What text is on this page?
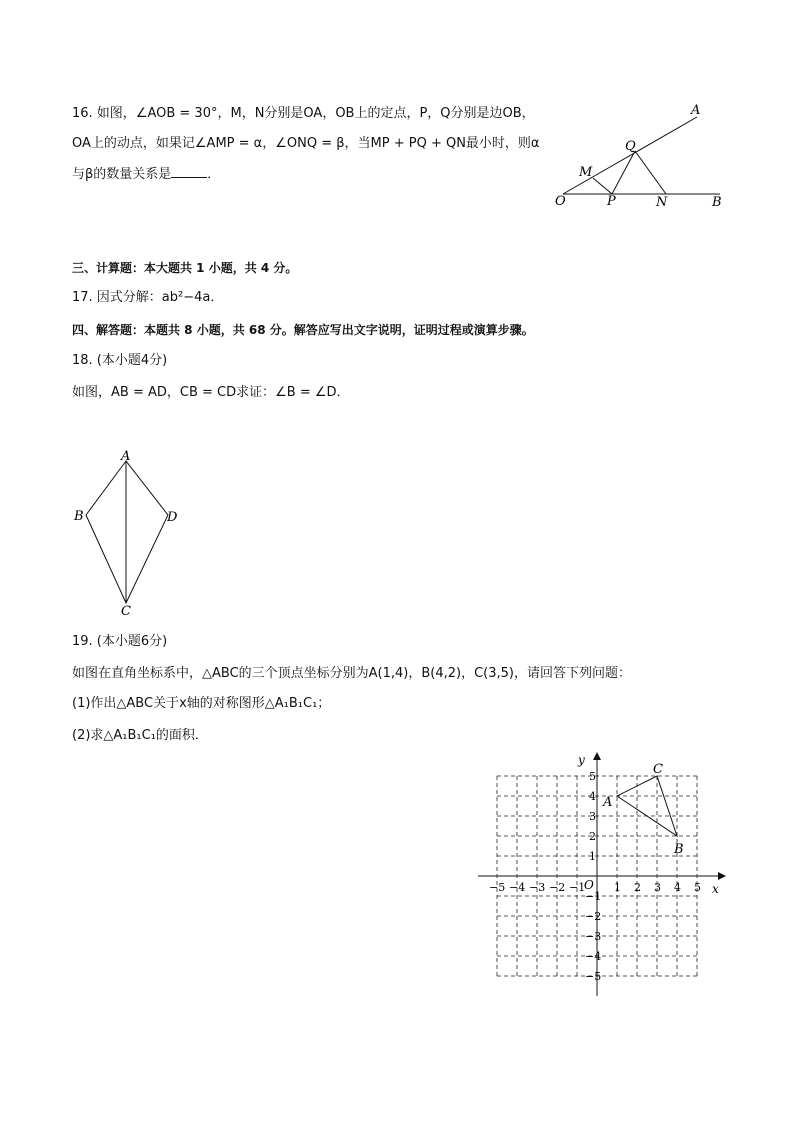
16. 如图，∠AOB = 30°，M，N分别是OA，OB上的定点，P，Q分别是边OB，
OA上的动点，如果记∠AMP = α，∠ONQ = β，当MP + PQ + QN最小时，则α
与β的数量关系是	．
A
Q
M
O	P	N	B
三、计算题：本大题共 1 小题，共 4 分。
17. 因式分解：ab²−4a．
四、解答题：本题共 8 小题，共 68 分。解答应写出文字说明，证明过程或演算步骤。
18. (本小题4分)
如图，AB = AD，CB = CD求证：∠B = ∠D．
A
B
C
D
19. (本小题6分)
如图在直角坐标系中，△ABC的三个顶点坐标分别为A(1,4)，B(4,2)，C(3,5)，请回答下列问题：
(1)作出△ABC关于x轴的对称图形△A₁B₁C₁；
(2)求△A₁B₁C₁的面积．
x
y
O
−5 −4 −3 −2 −1	1 2 3 4 5
5
4
3
2
1
−1
−2
−3
−4
−5
A
B
C
